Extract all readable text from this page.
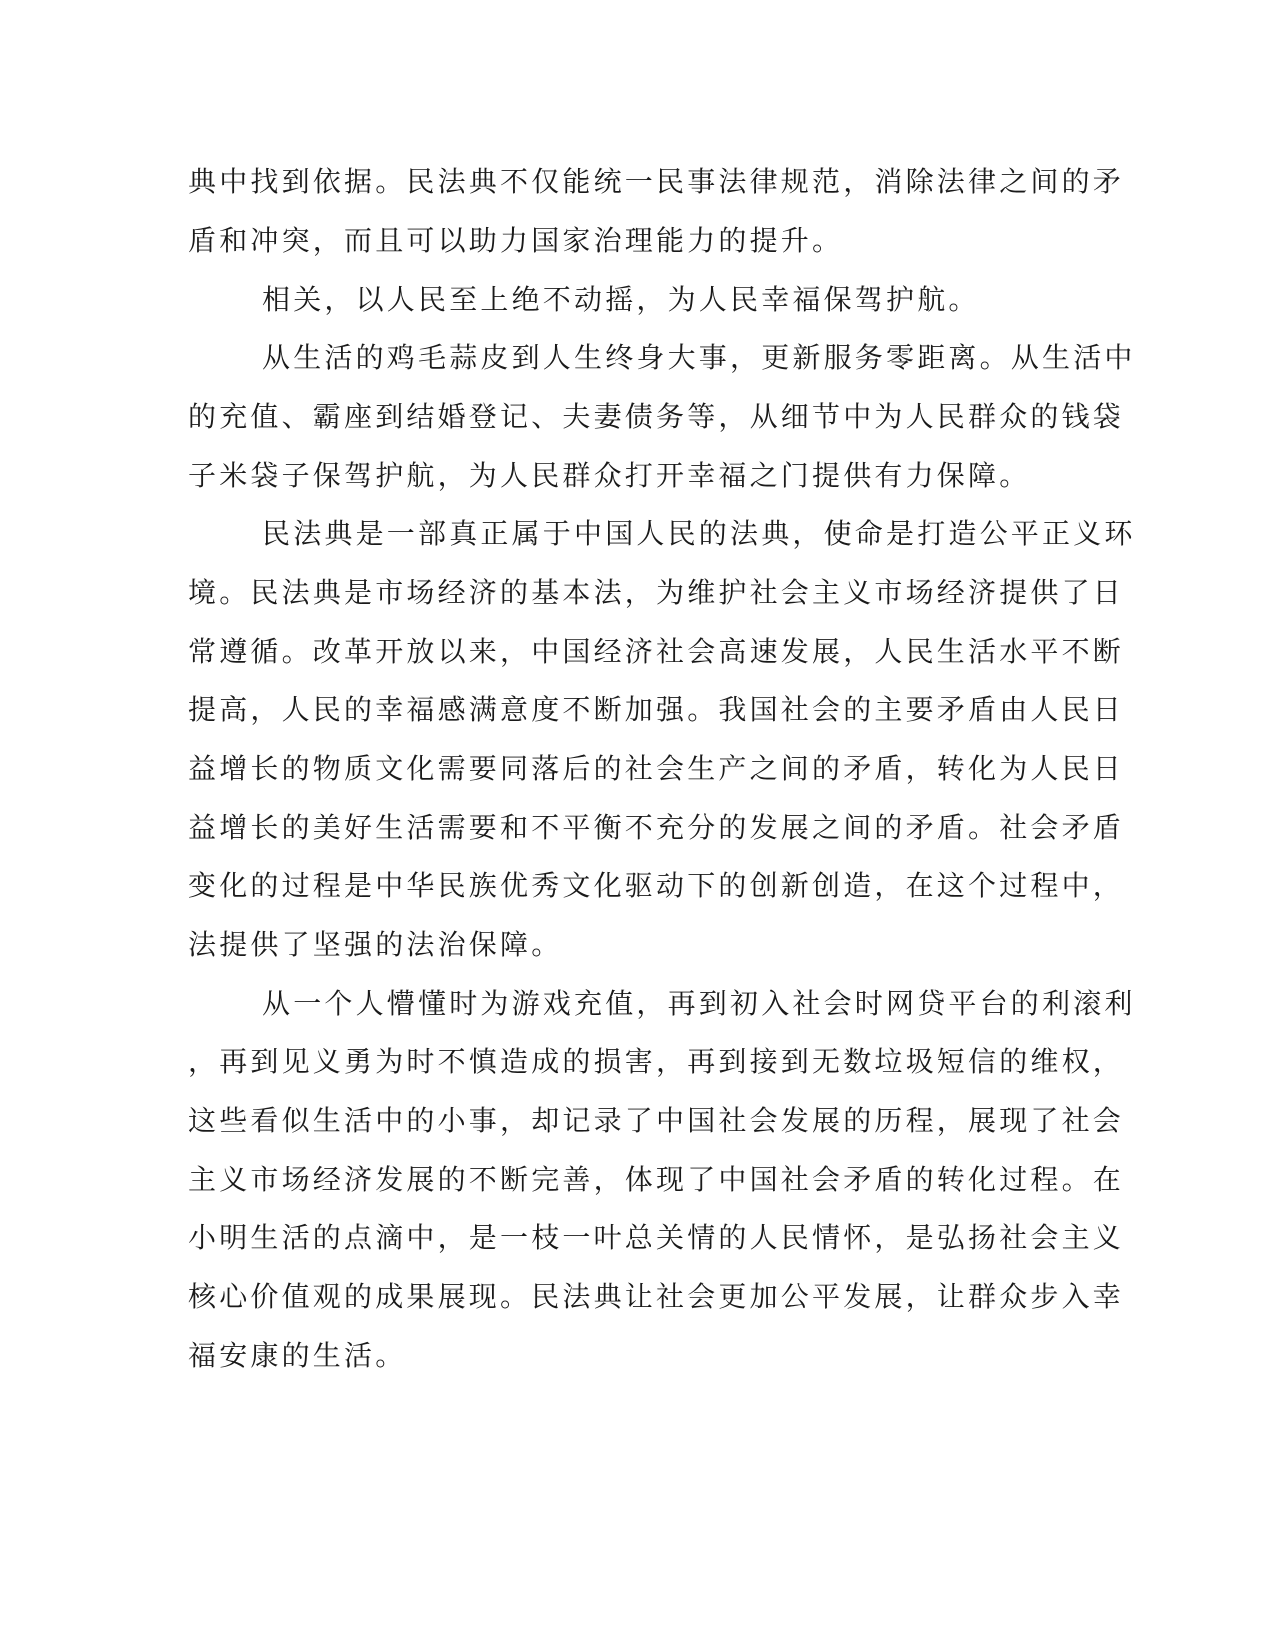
典中找到依据。民法典不仅能统一民事法律规范，消除法律之间的矛
盾和冲突，而且可以助力国家治理能力的提升。
相关，以人民至上绝不动摇，为人民幸福保驾护航。
从生活的鸡毛蒜皮到人生终身大事，更新服务零距离。从生活中
的充值、霸座到结婚登记、夫妻债务等，从细节中为人民群众的钱袋
子米袋子保驾护航，为人民群众打开幸福之门提供有力保障。
民法典是一部真正属于中国人民的法典，使命是打造公平正义环
境。民法典是市场经济的基本法，为维护社会主义市场经济提供了日
常遵循。改革开放以来，中国经济社会高速发展，人民生活水平不断
提高，人民的幸福感满意度不断加强。我国社会的主要矛盾由人民日
益增长的物质文化需要同落后的社会生产之间的矛盾，转化为人民日
益增长的美好生活需要和不平衡不充分的发展之间的矛盾。社会矛盾
变化的过程是中华民族优秀文化驱动下的创新创造，在这个过程中，
法提供了坚强的法治保障。
从一个人懵懂时为游戏充值，再到初入社会时网贷平台的利滚利
，再到见义勇为时不慎造成的损害，再到接到无数垃圾短信的维权，
这些看似生活中的小事，却记录了中国社会发展的历程，展现了社会
主义市场经济发展的不断完善，体现了中国社会矛盾的转化过程。在
小明生活的点滴中，是一枝一叶总关情的人民情怀，是弘扬社会主义
核心价值观的成果展现。民法典让社会更加公平发展，让群众步入幸
福安康的生活。
